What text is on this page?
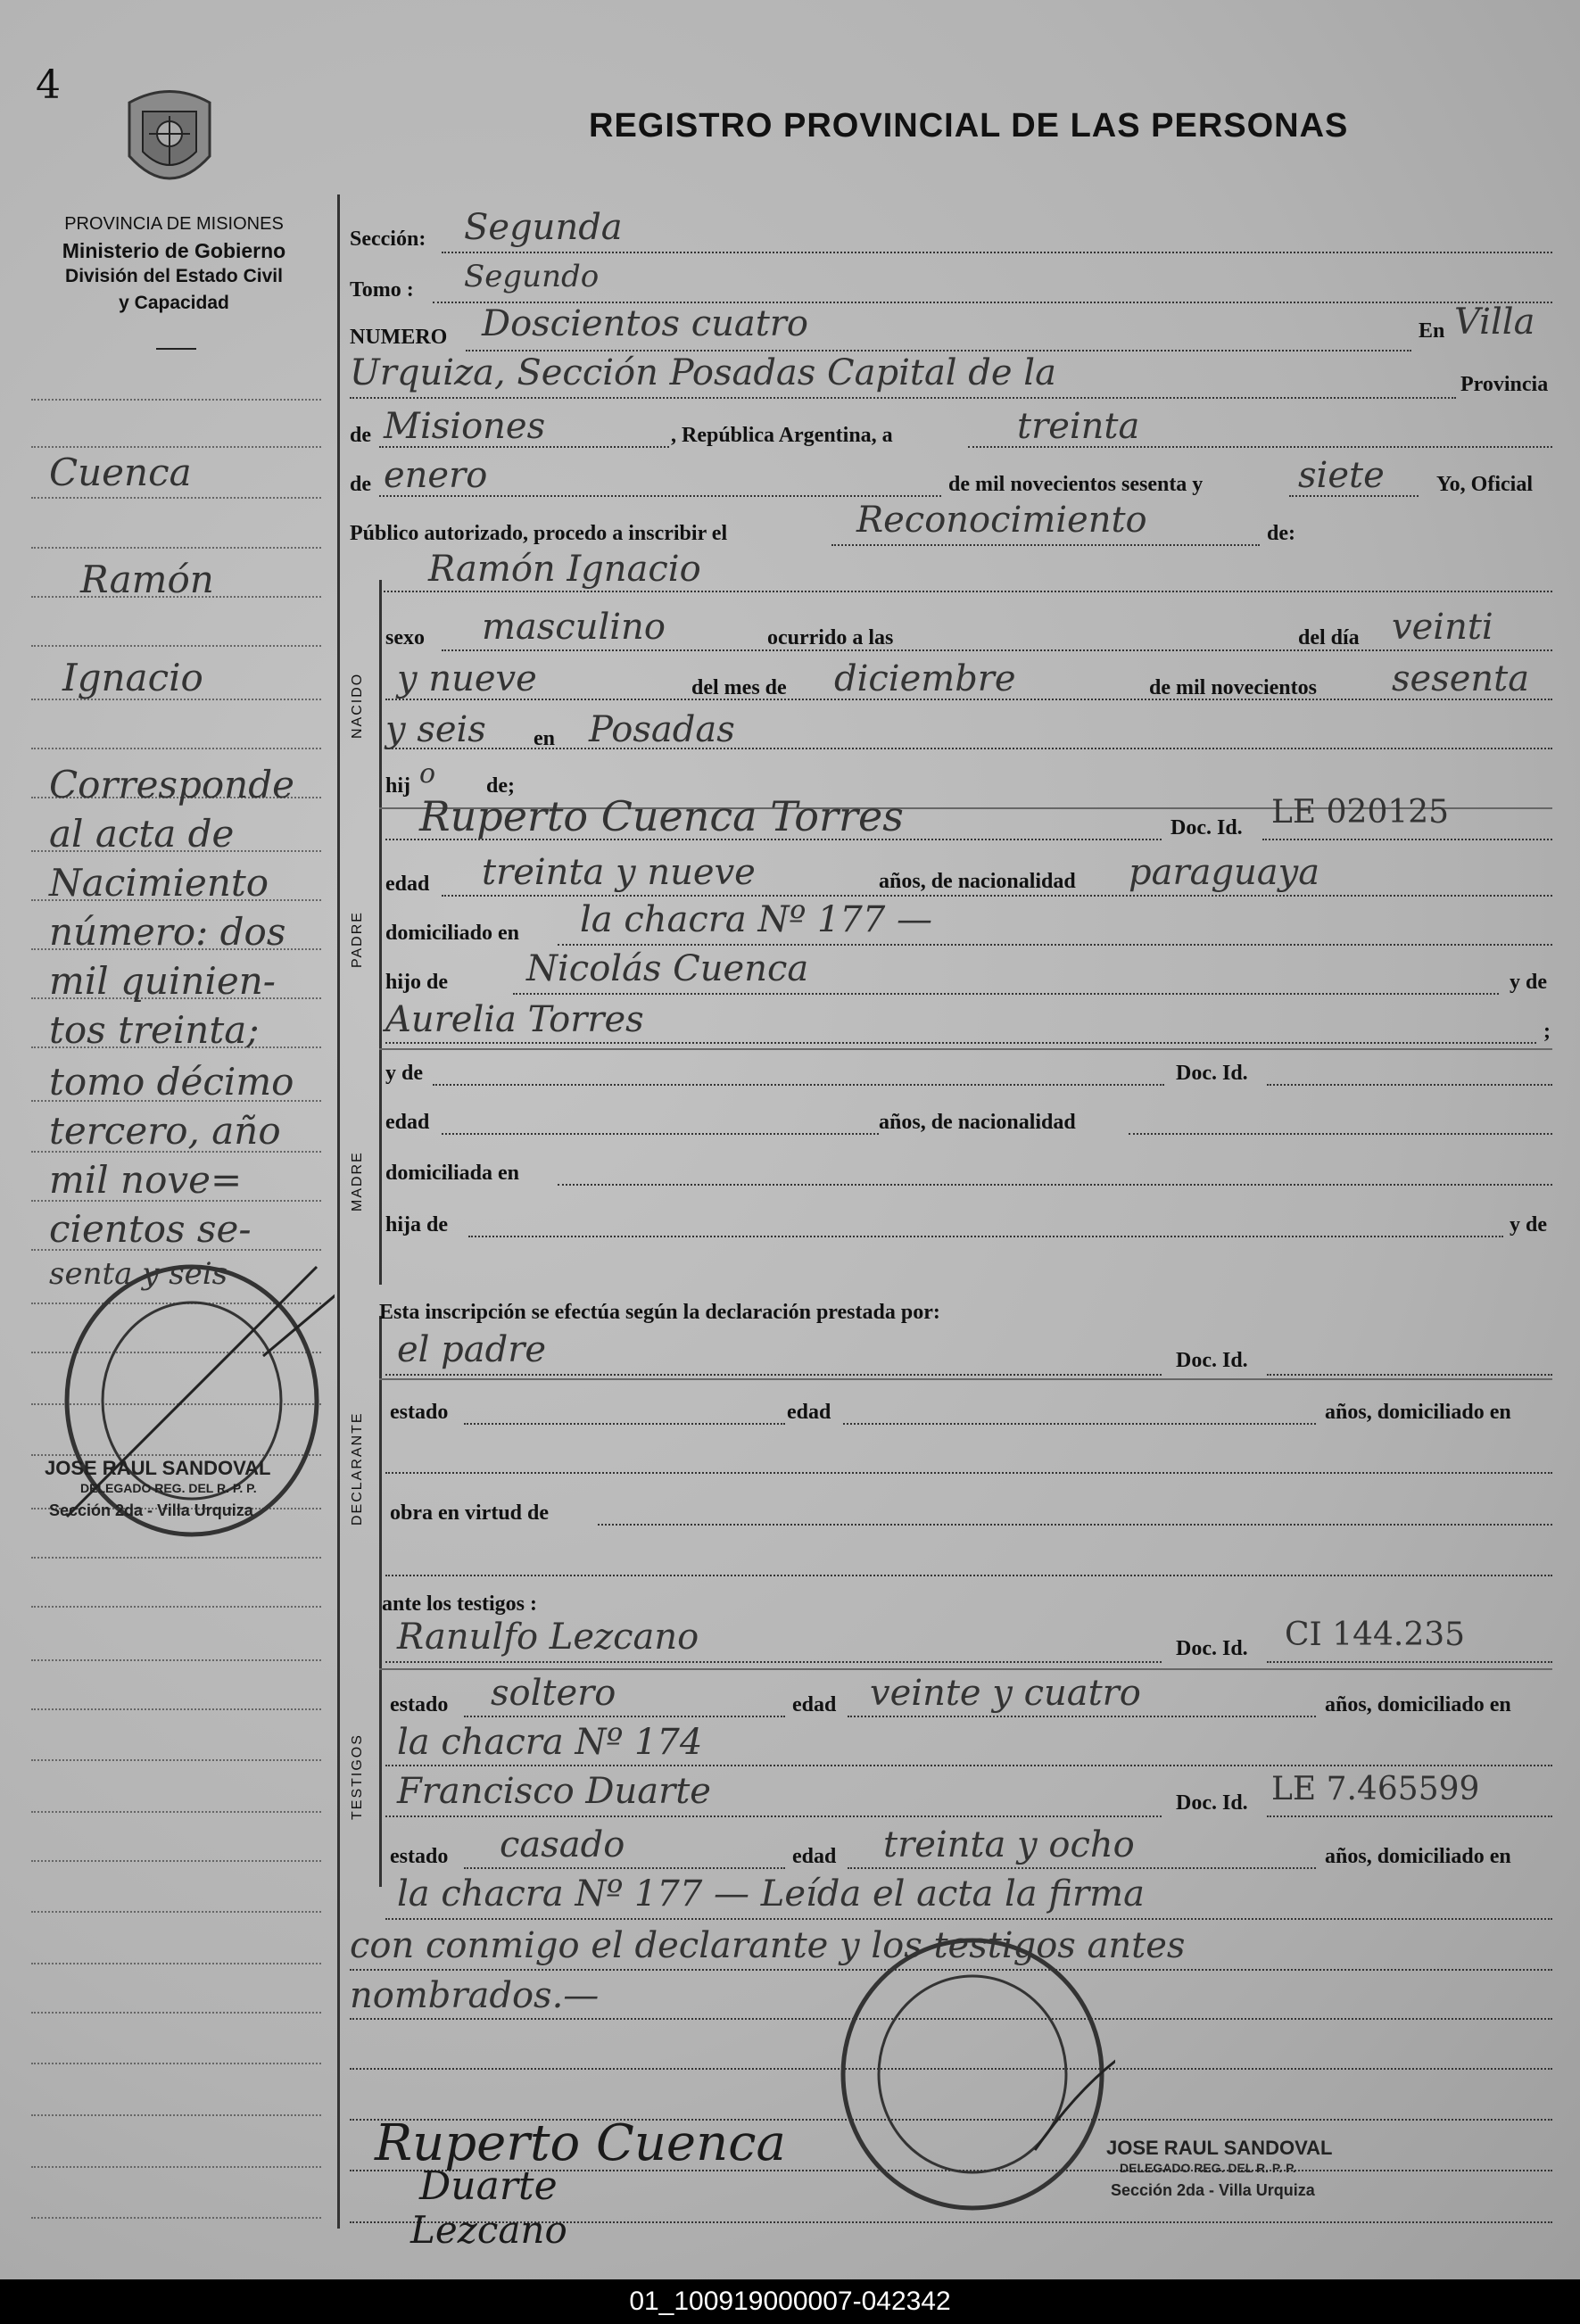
4
REGISTRO PROVINCIAL DE LAS PERSONAS
PROVINCIA DE MISIONES
Ministerio de Gobierno
División del Estado Civil
y Capacidad
Cuenca
Ramón
Ignacio
Corresponde
al acta de
Nacimiento
número: dos
mil quinien-
tos treinta;
tomo décimo
tercero, año
mil nove=
cientos se-
senta y seis
NACIDO
PADRE
MADRE
DECLARANTE
TESTIGOS
Sección: Segunda
Tomo : Segundo
NUMERO Doscientos cuatro	En Villa
Urquiza, Sección Posadas Capital de la	Provincia
de Misiones	, República Argentina, a	treinta
de enero	de mil novecientos sesenta y	siete Yo, Oficial
Público autorizado, procedo a inscribir el	Reconocimiento	de:
Ramón Ignacio
sexo masculino	ocurrido a las	del día veinti
y nueve	del mes de diciembre	de mil novecientos sesenta
y seis en Posadas
hij o de;
Ruperto Cuenca Torres	Doc. Id. LE 020125
edad treinta y nueve	años, de nacionalidad paraguaya
domiciliado en la chacra Nº 177 —
hijo de Nicolás Cuenca	y de
Aurelia Torres	;
y de	Doc. Id.
edad	años, de nacionalidad
domiciliada en
hija de	y de
Esta inscripción se efectúa según la declaración prestada por:
el padre	Doc. Id.
estado	edad	años, domiciliado en
obra en virtud de
ante los testigos :
Ranulfo Lezcano	Doc. Id. CI 144.235
estado soltero	edad veinte y cuatro	años, domiciliado en
la chacra Nº 174
Francisco Duarte	Doc. Id. LE 7.465599
estado casado	edad treinta y ocho	años, domiciliado en
la chacra Nº 177 — Leída el acta la firma
con conmigo el declarante y los testigos antes
nombrados.—
Ruperto Cuenca
Duarte
Lezcano
JOSE RAUL SANDOVAL
DELEGADO REG. DEL R. P. P.
Sección 2da - Villa Urquiza
JOSE RAUL SANDOVAL
DELEGADO REG. DEL R. P. P.
Sección 2da - Villa Urquiza
01_100919000007-042342
